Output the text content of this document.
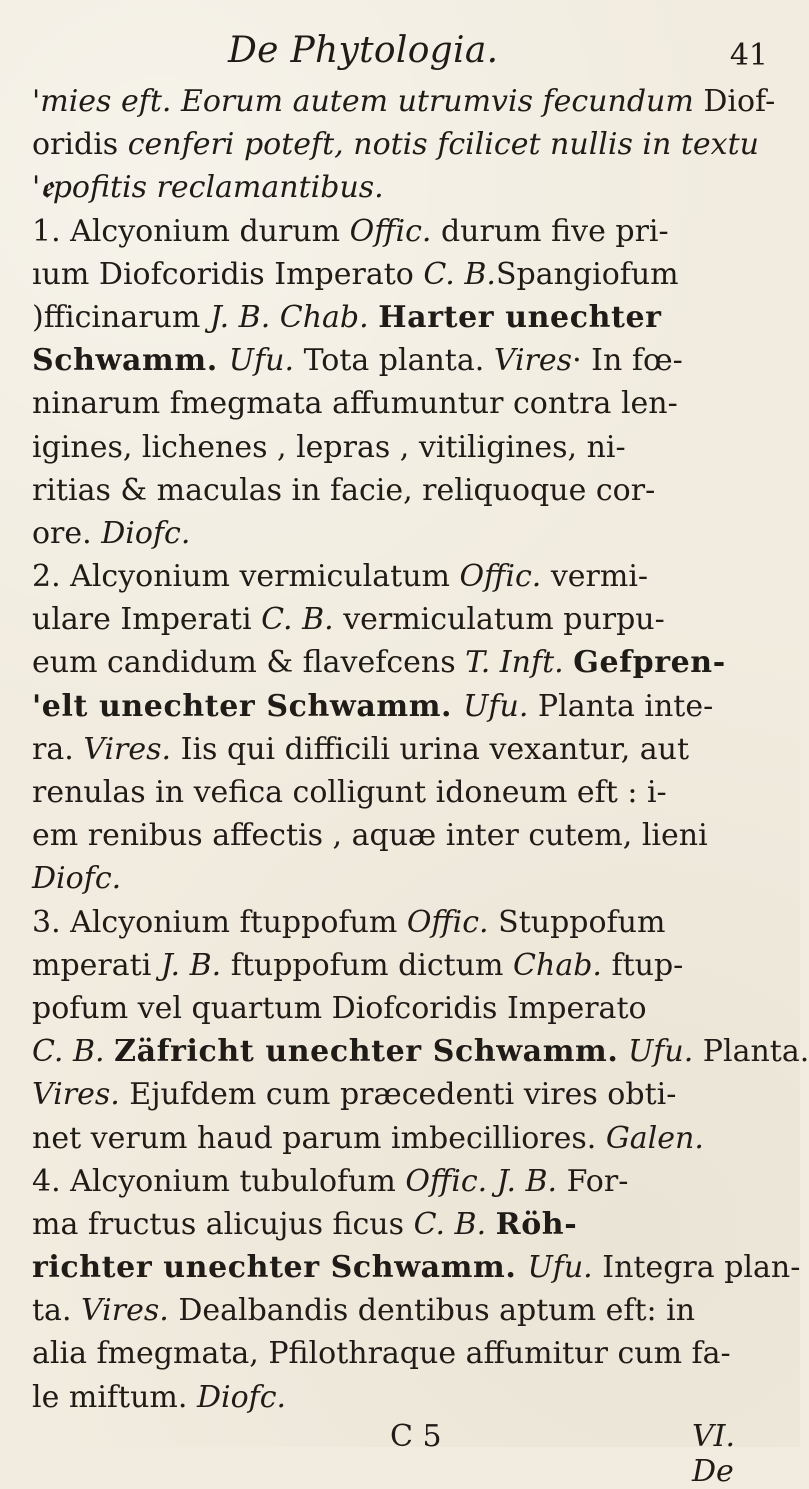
De Phytologia.	41
'mies eft. Eorum autem utrumvis fecundum Diof-
oridis cenferi poteft, notis fcilicet nullis in textu
'ꬲpofitis reclamantibus.
1. Alcyonium durum Offic. durum five pri-
ıum Diofcoridis Imperato C. B.Spangiofum
)fficinarum J. B. Chab. Harter unechter
Schwamm. Ufu. Tota planta. Vires· In fœ-
ninarum fmegmata affumuntur contra len-
igines, lichenes , lepras , vitiligines, ni-
ritias & maculas in facie, reliquoque cor-
ore. Diofc.
2. Alcyonium vermiculatum Offic. vermi-
ulare Imperati C. B. vermiculatum purpu-
eum candidum & flavefcens T. Inft. Gefpren-
'elt unechter Schwamm. Ufu. Planta inte-
ra. Vires. Iis qui difficili urina vexantur, aut
renulas in vefica colligunt idoneum eft : i-
em renibus affectis , aquæ inter cutem, lieni
Diofc.
3. Alcyonium ftuppofum Offic. Stuppofum
mperati J. B. ftuppofum dictum Chab. ftup-
pofum vel quartum Diofcoridis Imperato
C. B. Zäfricht unechter Schwamm. Ufu. Planta.
Vires. Ejufdem cum præcedenti vires obti-
net verum haud parum imbecilliores. Galen.
4. Alcyonium tubulofum Offic. J. B. For-
ma fructus alicujus ficus C. B. Röh-
richter unechter Schwamm. Ufu. Integra plan-
ta. Vires. Dealbandis dentibus aptum eft: in
alia fmegmata, Pfilothraque affumitur cum fa-
le miftum. Diofc.
C 5	VI. De
